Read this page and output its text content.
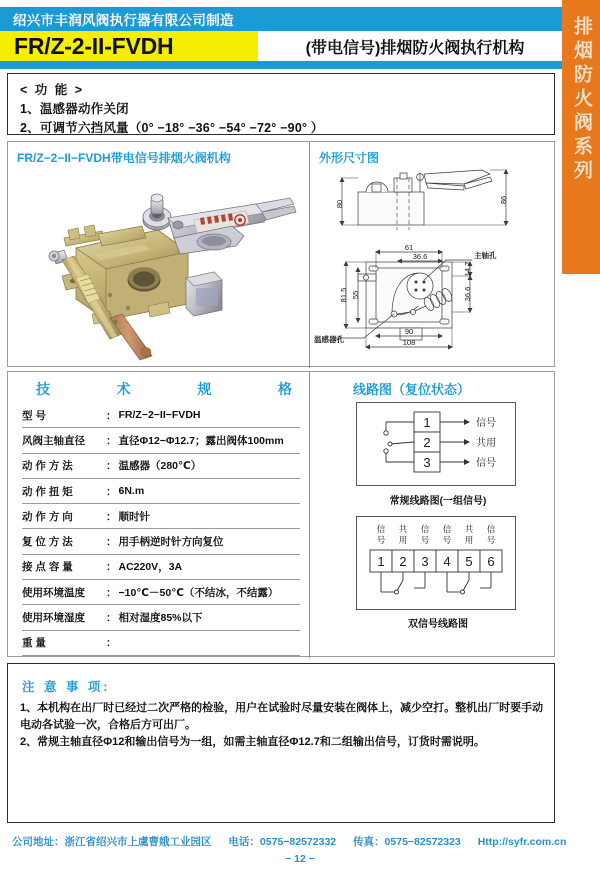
排烟防火阀系列
绍兴市丰润风阀执行器有限公司制造
FR/Z-2-II-FVDH	(带电信号)排烟防火阀执行机构
< 功 能 >
1、温感器动作关闭
2、可调节六挡风量（0° −18° −36° −54° −72° −90° ）
FR/Z−2−II−FVDH带电信号排烟火阀机构	外形尺寸图
80	86
61
36.6
81.5 55
14.7
36.6
90
108
主轴孔
温感器孔
技	术	规	格
型 号	： FR/Z−2−II−FVDH
风阀主轴直径 ： 直径Φ12−Φ12.7；露出阀体100mm
动 作 方 法	： 温感器（280℃）
动 作 扭 矩	： 6N.m
动 作 方 向	： 顺时针
复 位 方 法	： 用手柄逆时针方向复位
接 点 容 量	： AC220V，3A
使用环境温度 ： −10℃－50℃（不结冰，不结露）
使用环境湿度 ： 相对湿度85%以下
重 量	：
线路图（复位状态）
1
2
3
信号
共用
信号
常规线路图(一组信号)
1 2 3 4 5 6
信
号
共
用
信
号
信
号
共
用
信
号
双信号线路图
注 意 事 项:
1、本机构在出厂时已经过二次严格的检验，用户在试验时尽量安装在阀体上，减少空打。整机出厂时要手动电动各试验一次，合格后方可出厂。
2、常规主轴直径Φ12和输出信号为一组，如需主轴直径Φ12.7和二组输出信号，订货时需说明。
公司地址：浙江省绍兴市上虞曹娥工业园区 电话：0575−82572332 传真：0575−82572323 Http://syfr.com.cn
− 12 −
